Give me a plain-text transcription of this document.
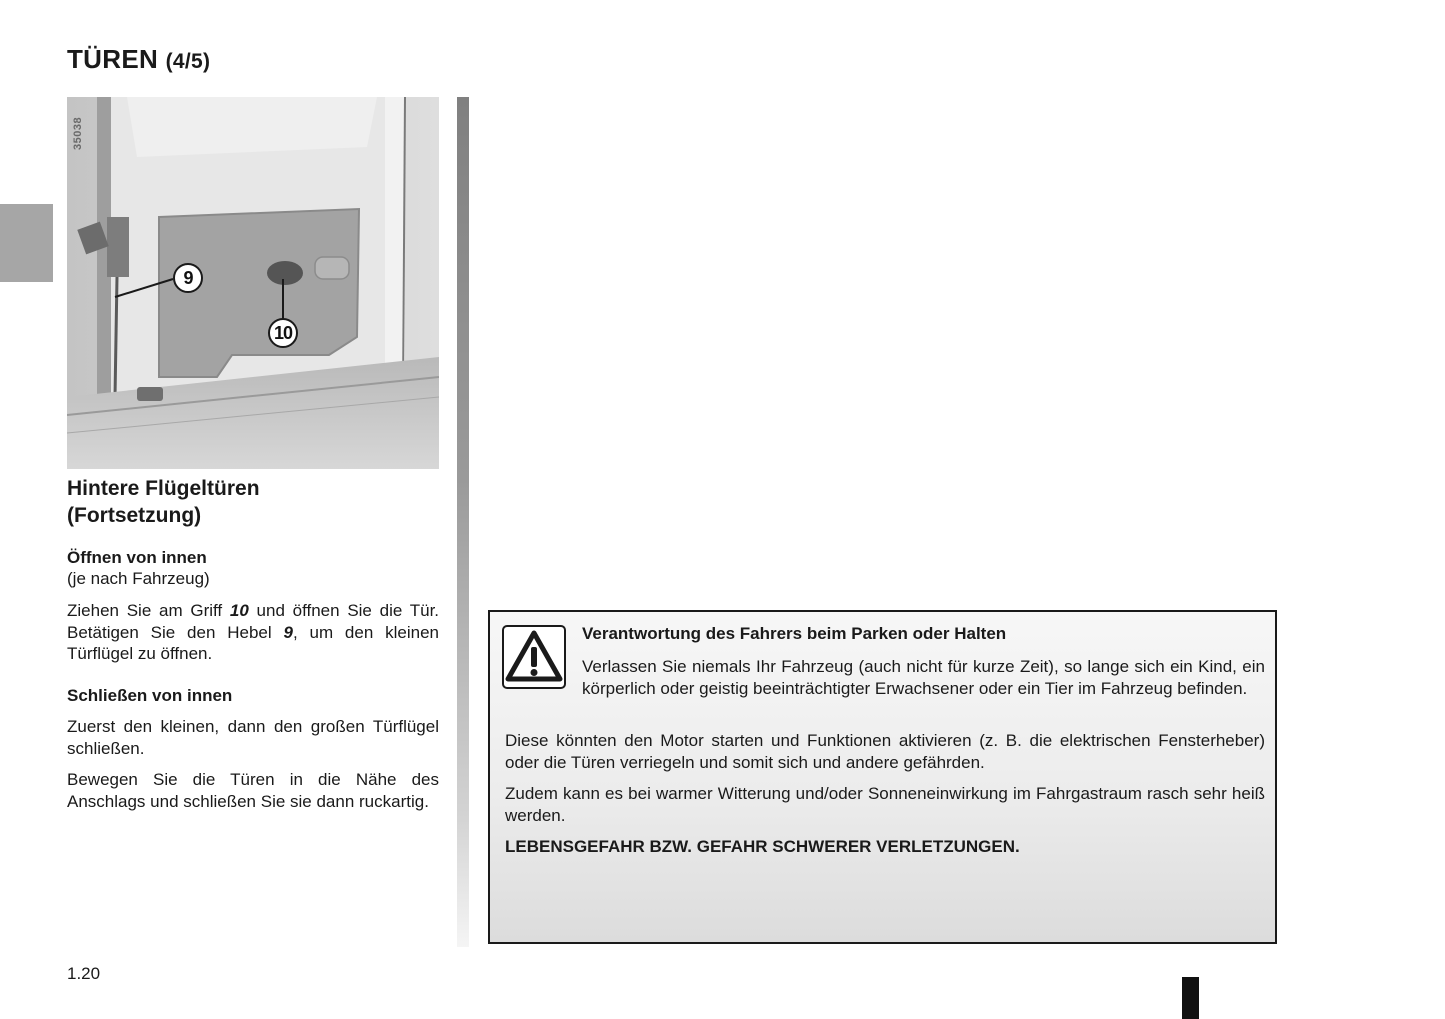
TÜREN (4/5)
35038
9
10
Hintere Flügeltüren
(Fortsetzung)

Öffnen von innen

(je nach Fahrzeug)

Ziehen Sie am Griff 10 und öffnen Sie die Tür. Betätigen Sie den Hebel 9, um den kleinen Türflügel zu öffnen.

Schließen von innen

Zuerst den kleinen, dann den großen Türflügel schließen.

Bewegen Sie die Türen in die Nähe des Anschlags und schließen Sie sie dann ruckartig.

1.20

Verantwortung des Fahrers beim Parken oder Halten

Verlassen Sie niemals Ihr Fahrzeug (auch nicht für kurze Zeit), so lange sich ein Kind, ein körperlich oder geistig beeinträchtigter Erwachsener oder ein Tier im Fahrzeug befinden.

Diese könnten den Motor starten und Funktionen aktivieren (z. B. die elektrischen Fensterheber) oder die Türen verriegeln und somit sich und andere gefährden.

Zudem kann es bei warmer Witterung und/oder Sonneneinwirkung im Fahrgastraum rasch sehr heiß werden.

LEBENSGEFAHR BZW. GEFAHR SCHWERER VERLETZUNGEN.
